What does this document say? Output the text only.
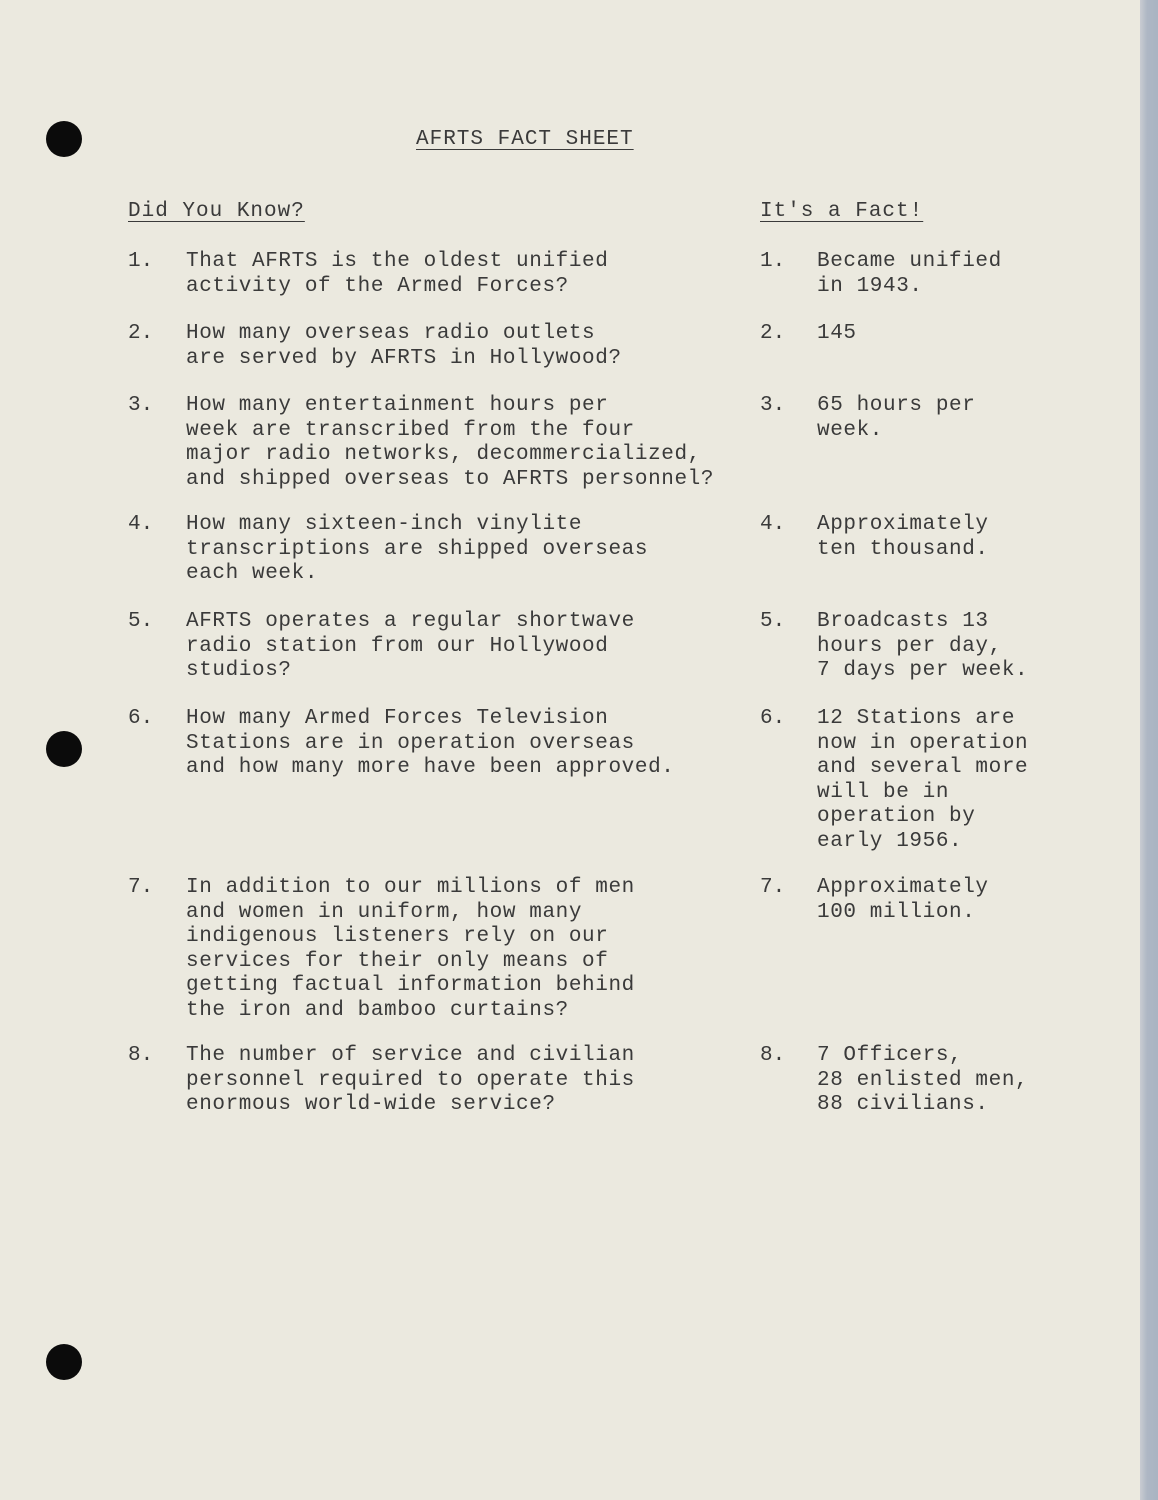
AFRTS FACT SHEET
Did You Know?	It's a Fact!
1. That AFRTS is the oldest unified
activity of the Armed Forces?
1. Became unified
in 1943.
2. How many overseas radio outlets
are served by AFRTS in Hollywood?
2. 145
3. How many entertainment hours per
week are transcribed from the four
major radio networks, decommercialized,
and shipped overseas to AFRTS personnel?
3. 65 hours per
week.
4. How many sixteen-inch vinylite
transcriptions are shipped overseas
each week.
4. Approximately
ten thousand.
5. AFRTS operates a regular shortwave
radio station from our Hollywood
studios?
5. Broadcasts 13
hours per day,
7 days per week.
6. How many Armed Forces Television
Stations are in operation overseas
and how many more have been approved.
6. 12 Stations are
now in operation
and several more
will be in
operation by
early 1956.
7. In addition to our millions of men
and women in uniform, how many
indigenous listeners rely on our
services for their only means of
getting factual information behind
the iron and bamboo curtains?
7. Approximately
100 million.
8. The number of service and civilian
personnel required to operate this
enormous world-wide service?
8. 7 Officers,
28 enlisted men,
88 civilians.
